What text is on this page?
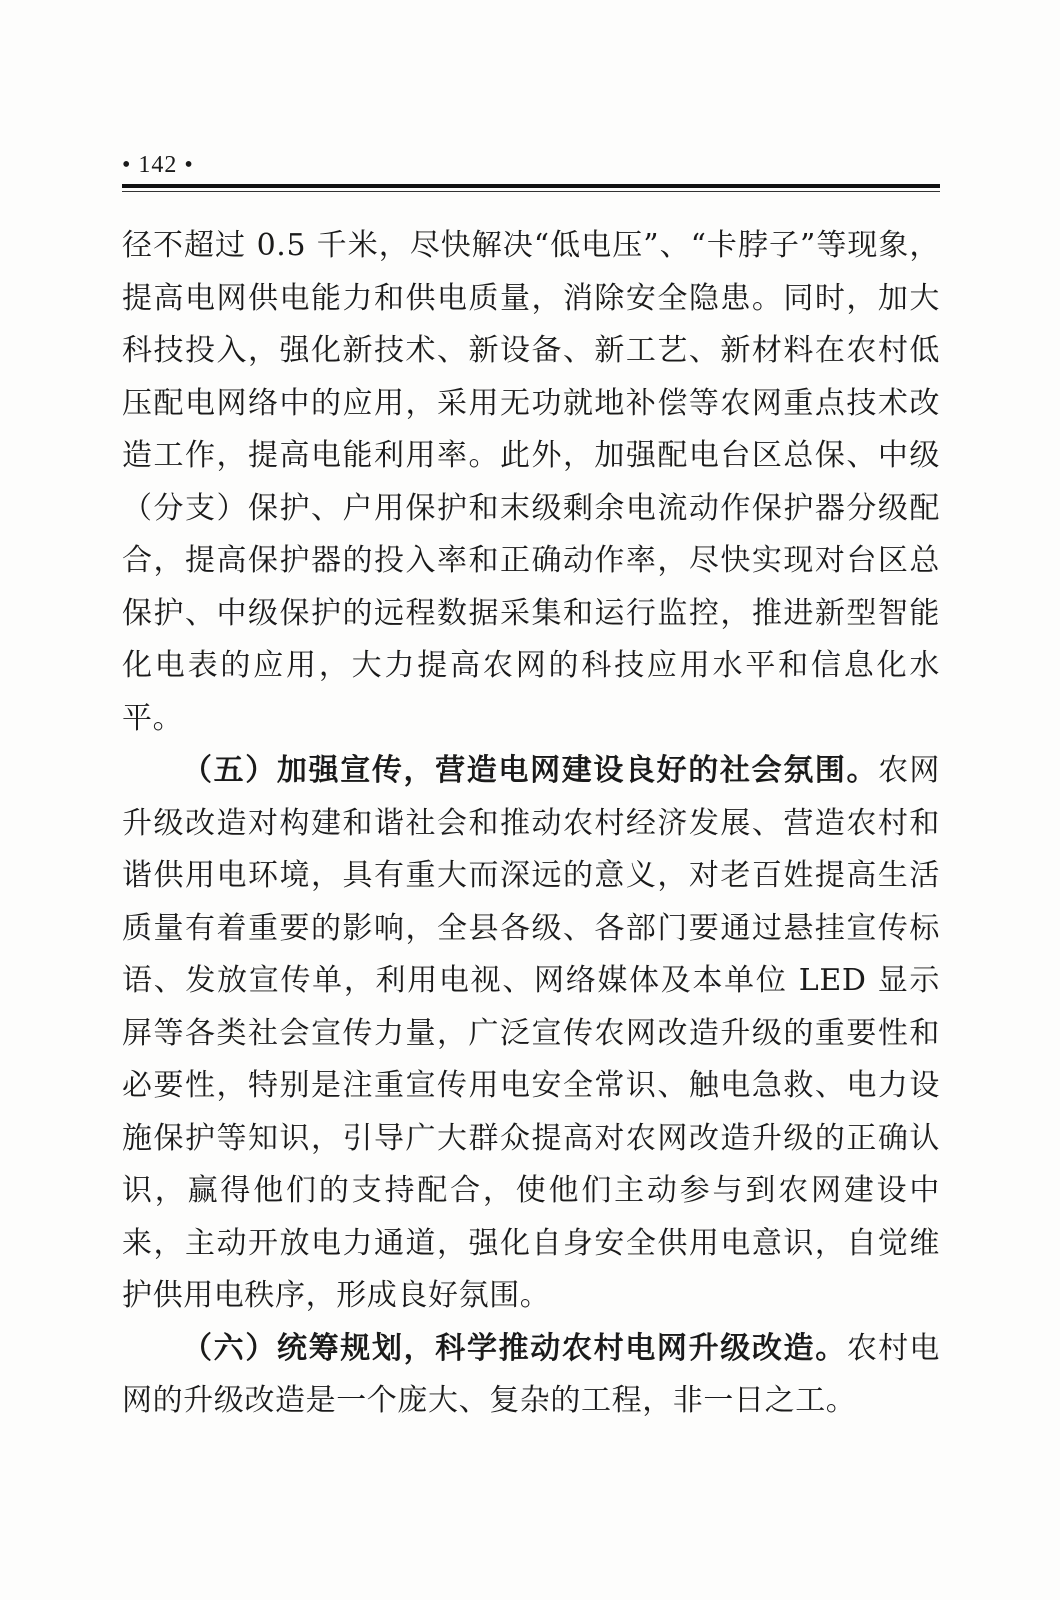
• 142 •

径不超过 0.5 千米，尽快解决“低电压”、“卡脖子”等现象，提高电网供电能力和供电质量，消除安全隐患。同时，加大科技投入，强化新技术、新设备、新工艺、新材料在农村低压配电网络中的应用，采用无功就地补偿等农网重点技术改造工作，提高电能利用率。此外，加强配电台区总保、中级（分支）保护、户用保护和末级剩余电流动作保护器分级配合，提高保护器的投入率和正确动作率，尽快实现对台区总保护、中级保护的远程数据采集和运行监控，推进新型智能化电表的应用，大力提高农网的科技应用水平和信息化水平。

（五）加强宣传，营造电网建设良好的社会氛围。农网升级改造对构建和谐社会和推动农村经济发展、营造农村和谐供用电环境，具有重大而深远的意义，对老百姓提高生活质量有着重要的影响，全县各级、各部门要通过悬挂宣传标语、发放宣传单，利用电视、网络媒体及本单位 LED 显示屏等各类社会宣传力量，广泛宣传农网改造升级的重要性和必要性，特别是注重宣传用电安全常识、触电急救、电力设施保护等知识，引导广大群众提高对农网改造升级的正确认识，赢得他们的支持配合，使他们主动参与到农网建设中来，主动开放电力通道，强化自身安全供用电意识，自觉维护供用电秩序，形成良好氛围。

（六）统筹规划，科学推动农村电网升级改造。农村电网的升级改造是一个庞大、复杂的工程，非一日之工。
